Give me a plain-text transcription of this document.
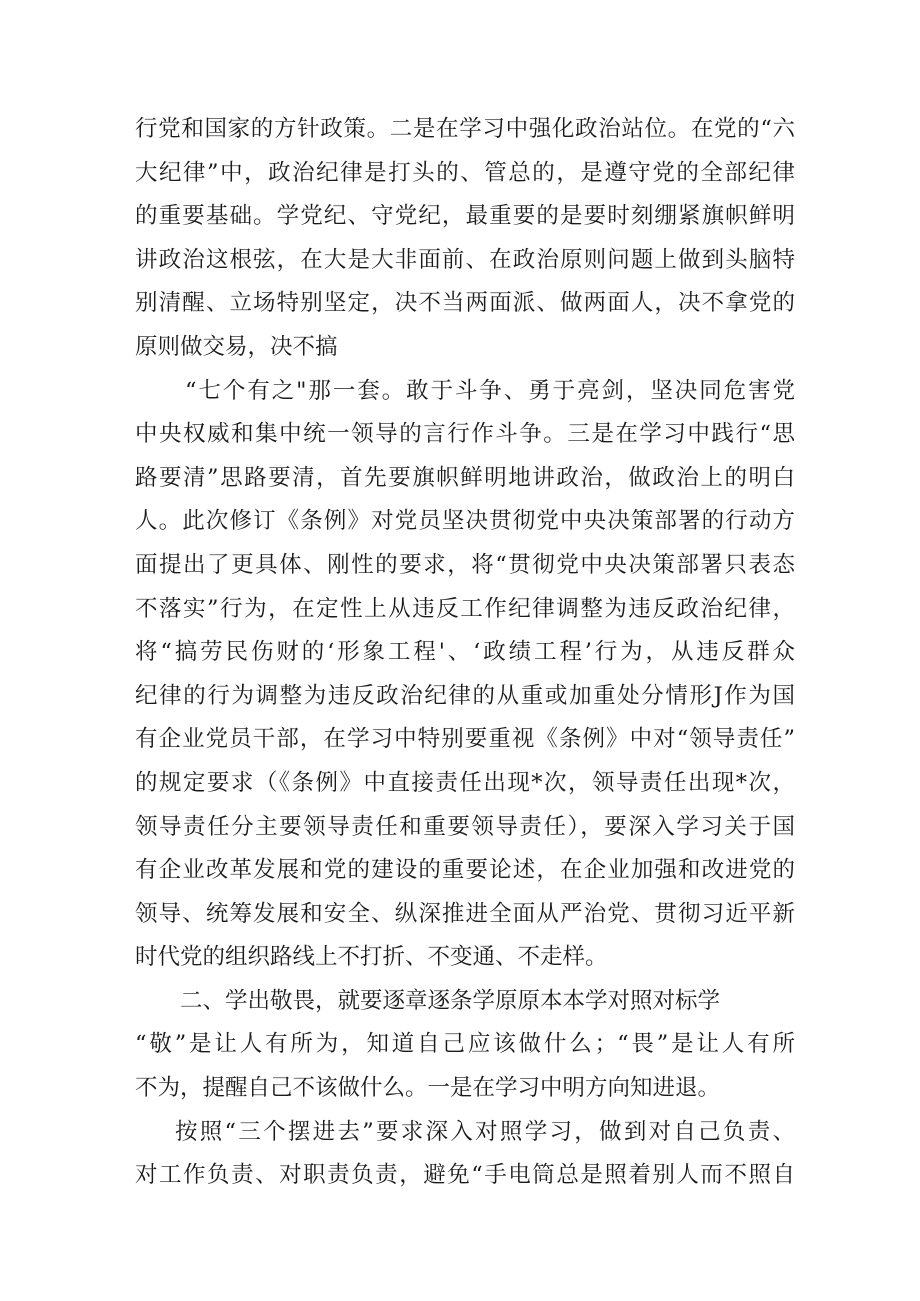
行党和国家的方针政策。二是在学习中强化政治站位。在党的“六
大纪律”中，政治纪律是打头的、管总的，是遵守党的全部纪律
的重要基础。学党纪、守党纪，最重要的是要时刻绷紧旗帜鲜明
讲政治这根弦，在大是大非面前、在政治原则问题上做到头脑特
别清醒、立场特别坚定，决不当两面派、做两面人，决不拿党的
原则做交易，决不搞
“七个有之"那一套。敢于斗争、勇于亮剑，坚决同危害党
中央权威和集中统一领导的言行作斗争。三是在学习中践行“思
路要清”思路要清，首先要旗帜鲜明地讲政治，做政治上的明白
人。此次修订《条例》对党员坚决贯彻党中央决策部署的行动方
面提出了更具体、刚性的要求，将“贯彻党中央决策部署只表态
不落实”行为，在定性上从违反工作纪律调整为违反政治纪律，
将“搞劳民伤财的‘形象工程'、‘政绩工程’行为，从违反群众
纪律的行为调整为违反政治纪律的从重或加重处分情形J作为国
有企业党员干部，在学习中特别要重视《条例》中对“领导责任”
的规定要求（《条例》中直接责任出现*次，领导责任出现*次，
领导责任分主要领导责任和重要领导责任），要深入学习关于国
有企业改革发展和党的建设的重要论述，在企业加强和改进党的
领导、统筹发展和安全、纵深推进全面从严治党、贯彻习近平新
时代党的组织路线上不打折、不变通、不走样。
二、学出敬畏，就要逐章逐条学原原本本学对照对标学
“敬”是让人有所为，知道自己应该做什么；“畏”是让人有所
不为，提醒自己不该做什么。一是在学习中明方向知进退。
按照“三个摆进去”要求深入对照学习，做到对自己负责、
对工作负责、对职责负责，避免“手电筒总是照着别人而不照自
